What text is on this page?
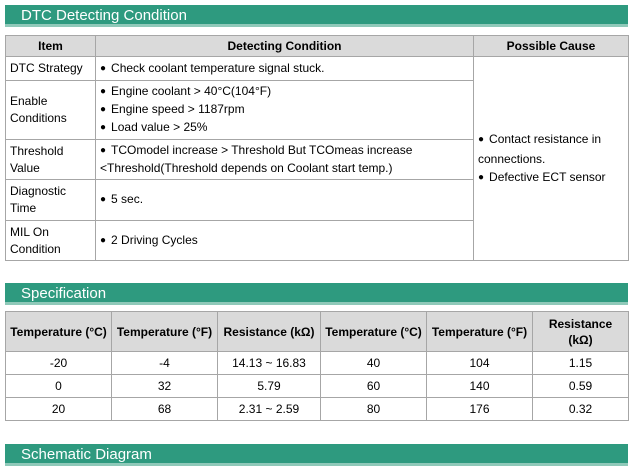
DTC Detecting Condition
Item	Detecting Condition	Possible Cause
DTC Strategy	● Check coolant temperature signal stuck.	● Contact resistance in connections.
● Defective ECT sensor

Enable Conditions	● Engine coolant > 40°C(104°F)
● Engine speed > 1187rpm
● Load value > 25%

Threshold Value	● TCOmodel increase > Threshold But TCOmeas increase <Threshold(Threshold depends on Coolant start temp.)

Diagnostic Time	● 5 sec.

MIL On Condition	● 2 Driving Cycles
Specification
Temperature (°C)	Temperature (°F)	Resistance (kΩ)	Temperature (°C)	Temperature (°F)	Resistance (kΩ)
-20	-4	14.13 ~ 16.83	40	104	1.15
0	32	5.79	60	140	0.59
20	68	2.31 ~ 2.59	80	176	0.32
Schematic Diagram
